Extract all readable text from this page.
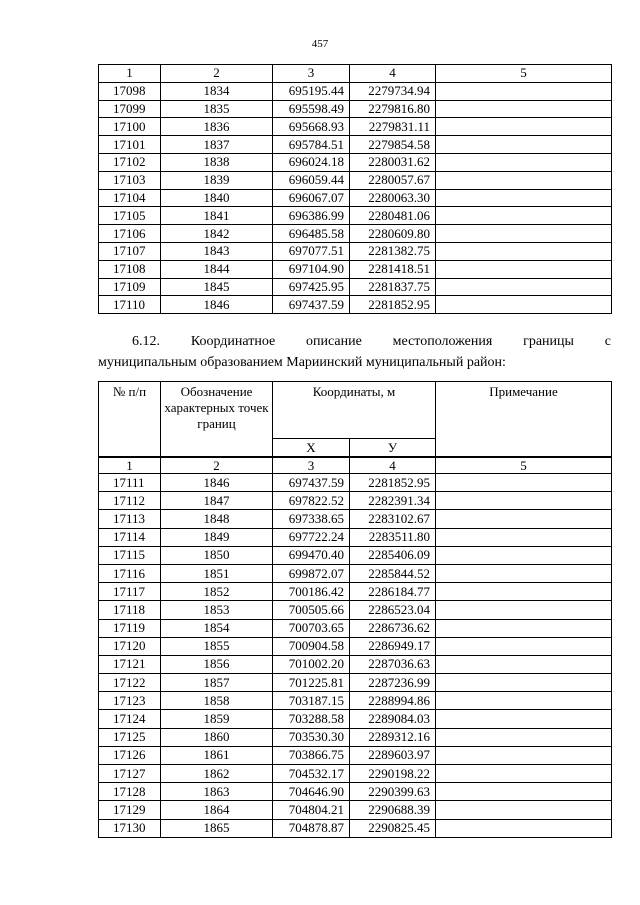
457
1	2	3	4	5
17098	1834	695195.44	2279734.94	
17099	1835	695598.49	2279816.80	
17100	1836	695668.93	2279831.11	
17101	1837	695784.51	2279854.58	
17102	1838	696024.18	2280031.62	
17103	1839	696059.44	2280057.67	
17104	1840	696067.07	2280063.30	
17105	1841	696386.99	2280481.06	
17106	1842	696485.58	2280609.80	
17107	1843	697077.51	2281382.75	
17108	1844	697104.90	2281418.51	
17109	1845	697425.95	2281837.75	
17110	1846	697437.59	2281852.95	
6.12. Координатное описание местоположения границы с
муниципальным образованием Мариинский муниципальный район:
№ п/п	Обозначение характерных точек границ	Координаты, м		Примечание
		Х	У	
1	2	3	4	5
17111	1846	697437.59	2281852.95	
17112	1847	697822.52	2282391.34	
17113	1848	697338.65	2283102.67	
17114	1849	697722.24	2283511.80	
17115	1850	699470.40	2285406.09	
17116	1851	699872.07	2285844.52	
17117	1852	700186.42	2286184.77	
17118	1853	700505.66	2286523.04	
17119	1854	700703.65	2286736.62	
17120	1855	700904.58	2286949.17	
17121	1856	701002.20	2287036.63	
17122	1857	701225.81	2287236.99	
17123	1858	703187.15	2288994.86	
17124	1859	703288.58	2289084.03	
17125	1860	703530.30	2289312.16	
17126	1861	703866.75	2289603.97	
17127	1862	704532.17	2290198.22	
17128	1863	704646.90	2290399.63	
17129	1864	704804.21	2290688.39	
17130	1865	704878.87	2290825.45	
